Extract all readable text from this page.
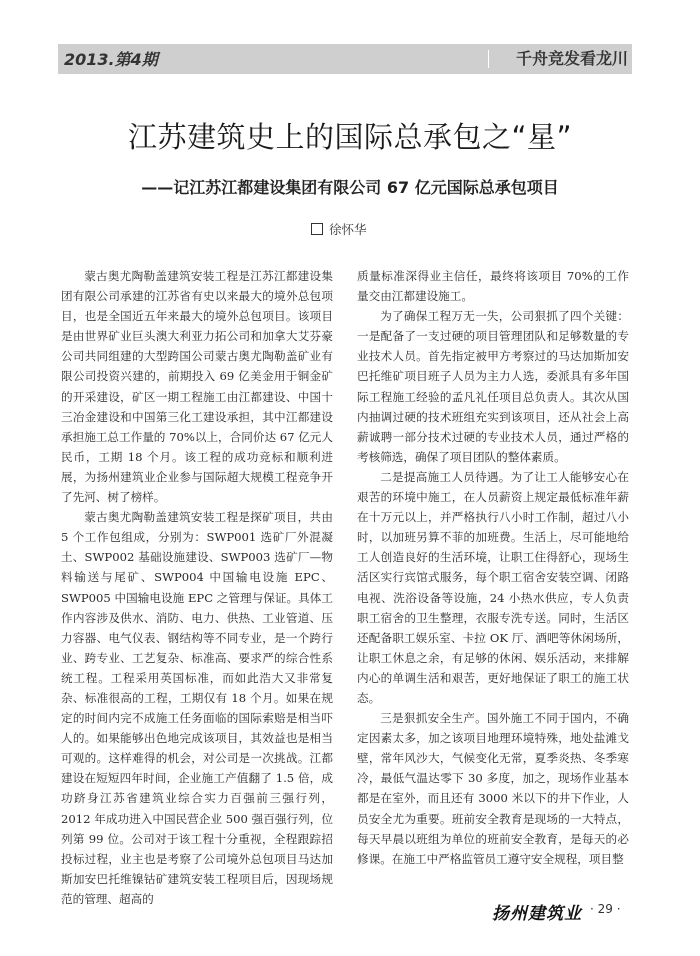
2013.第4期	千舟竞发看龙川
江苏建筑史上的国际总承包之“星”
——记江苏江都建设集团有限公司 67 亿元国际总承包项目
徐怀华

蒙古奥尤陶勒盖建筑安装工程是江苏江都建设集团有限公司承建的江苏省有史以来最大的境外总包项目，也是全国近五年来最大的境外总包项目。该项目是由世界矿业巨头澳大利亚力拓公司和加拿大艾芬豪公司共同组建的大型跨国公司蒙古奥尤陶勒盖矿业有限公司投资兴建的，前期投入 69 亿美金用于铜金矿的开采建设，矿区一期工程施工由江都建设、中国十三冶金建设和中国第三化工建设承担，其中江都建设承担施工总工作量的 70%以上，合同价达 67 亿元人民币，工期 18 个月。该工程的成功竞标和顺利进展，为扬州建筑业企业参与国际超大规模工程竞争开了先河、树了榜样。

蒙古奥尤陶勒盖建筑安装工程是探矿项目，共由 5 个工作包组成，分别为：SWP001 选矿厂外混凝土、SWP002 基础设施建设、SWP003 选矿厂—物料输送与尾矿、SWP004 中国输电设施 EPC、SWP005 中国输电设施 EPC 之管理与保证。具体工作内容涉及供水、消防、电力、供热、工业管道、压力容器、电气仪表、钢结构等不同专业，是一个跨行业、跨专业、工艺复杂、标准高、要求严的综合性系统工程。工程采用英国标准，而如此浩大又非常复杂、标准很高的工程，工期仅有 18 个月。如果在规定的时间内完不成施工任务面临的国际索赔是相当吓人的。如果能够出色地完成该项目，其效益也是相当可观的。这样难得的机会，对公司是一次挑战。江都建设在短短四年时间，企业施工产值翻了 1.5 倍，成功跻身江苏省建筑业综合实力百强前三强行列，2012 年成功进入中国民营企业 500 强百强行列，位列第 99 位。公司对于该工程十分重视，全程跟踪招投标过程，业主也是考察了公司境外总包项目马达加斯加安巴托维镍钴矿建筑安装工程项目后，因现场规范的管理、超高的

质量标准深得业主信任，最终将该项目 70%的工作量交由江都建设施工。

为了确保工程万无一失，公司狠抓了四个关键：一是配备了一支过硬的项目管理团队和足够数量的专业技术人员。首先指定被甲方考察过的马达加斯加安巴托维矿项目班子人员为主力人选，委派具有多年国际工程施工经验的孟凡礼任项目总负责人。其次从国内抽调过硬的技术班组充实到该项目，还从社会上高薪诚聘一部分技术过硬的专业技术人员，通过严格的考核筛选，确保了项目团队的整体素质。

二是提高施工人员待遇。为了让工人能够安心在艰苦的环境中施工，在人员薪资上规定最低标准年薪在十万元以上，并严格执行八小时工作制，超过八小时，以加班另算不菲的加班费。生活上，尽可能地给工人创造良好的生活环境，让职工住得舒心，现场生活区实行宾馆式服务，每个职工宿舍安装空调、闭路电视、洗浴设备等设施，24 小热水供应，专人负责职工宿舍的卫生整理，衣服专洗专送。同时，生活区还配备职工娱乐室、卡拉 OK 厅、酒吧等休闲场所，让职工休息之余，有足够的休闲、娱乐活动，来排解内心的单调生活和艰苦，更好地保证了职工的施工状态。

三是狠抓安全生产。国外施工不同于国内，不确定因素太多，加之该项目地理环境特殊，地处盐滩戈壁，常年风沙大，气候变化无常，夏季炎热、冬季寒冷，最低气温达零下 30 多度，加之，现场作业基本都是在室外，而且还有 3000 米以下的井下作业，人员安全尤为重要。班前安全教育是现场的一大特点，每天早晨以班组为单位的班前安全教育，是每天的必修课。在施工中严格监管员工遵守安全规程，项目整

扬州建筑业 · 29 ·
